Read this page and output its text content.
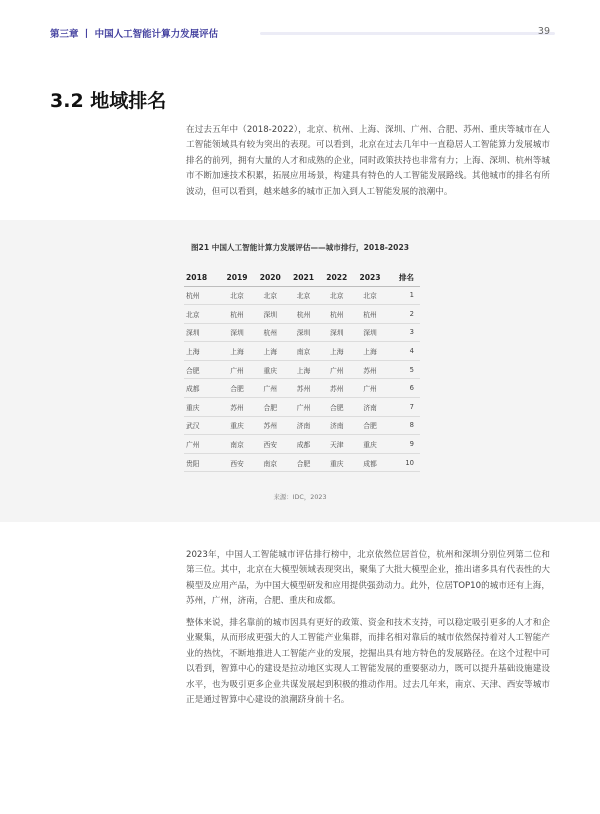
第三章 丨 中国人工智能计算力发展评估	39
3.2 地域排名

在过去五年中（2018-2022），北京、杭州、上海、深圳、广州、合肥、苏州、重庆等城市在人工智能领域具有较为突出的表现。可以看到，北京在过去几年中一直稳居人工智能算力发展城市排名的前列，拥有大量的人才和成熟的企业，同时政策扶持也非常有力；上海、深圳、杭州等城市不断加速技术积累，拓展应用场景，构建具有特色的人工智能发展路线。其他城市的排名有所波动，但可以看到，越来越多的城市正加入到人工智能发展的浪潮中。

图21 中国人工智能计算力发展评估——城市排行，2018-2023
2018	2019	2020	2021	2022	2023	排名
杭州	北京	北京	北京	北京	北京	1
北京	杭州	深圳	杭州	杭州	杭州	2
深圳	深圳	杭州	深圳	深圳	深圳	3
上海	上海	上海	南京	上海	上海	4
合肥	广州	重庆	上海	广州	苏州	5
成都	合肥	广州	苏州	苏州	广州	6
重庆	苏州	合肥	广州	合肥	济南	7
武汉	重庆	苏州	济南	济南	合肥	8
广州	南京	西安	成都	天津	重庆	9
贵阳	西安	南京	合肥	重庆	成都	10
来源：IDC，2023

2023年，中国人工智能城市评估排行榜中，北京依然位居首位，杭州和深圳分别位列第二位和第三位。其中，北京在大模型领域表现突出，聚集了大批大模型企业，推出诸多具有代表性的大模型及应用产品，为中国大模型研发和应用提供强劲动力。此外，位居TOP10的城市还有上海，苏州，广州，济南，合肥、重庆和成都。

整体来说，排名靠前的城市因具有更好的政策、资金和技术支持，可以稳定吸引更多的人才和企业聚集，从而形成更强大的人工智能产业集群，而排名相对靠后的城市依然保持着对人工智能产业的热忱，不断地推进人工智能产业的发展，挖掘出具有地方特色的发展路径。在这个过程中可以看到，智算中心的建设是拉动地区实现人工智能发展的重要驱动力，既可以提升基础设施建设水平，也为吸引更多企业共谋发展起到积极的推动作用。过去几年来，南京、天津、西安等城市正是通过智算中心建设的浪潮跻身前十名。
